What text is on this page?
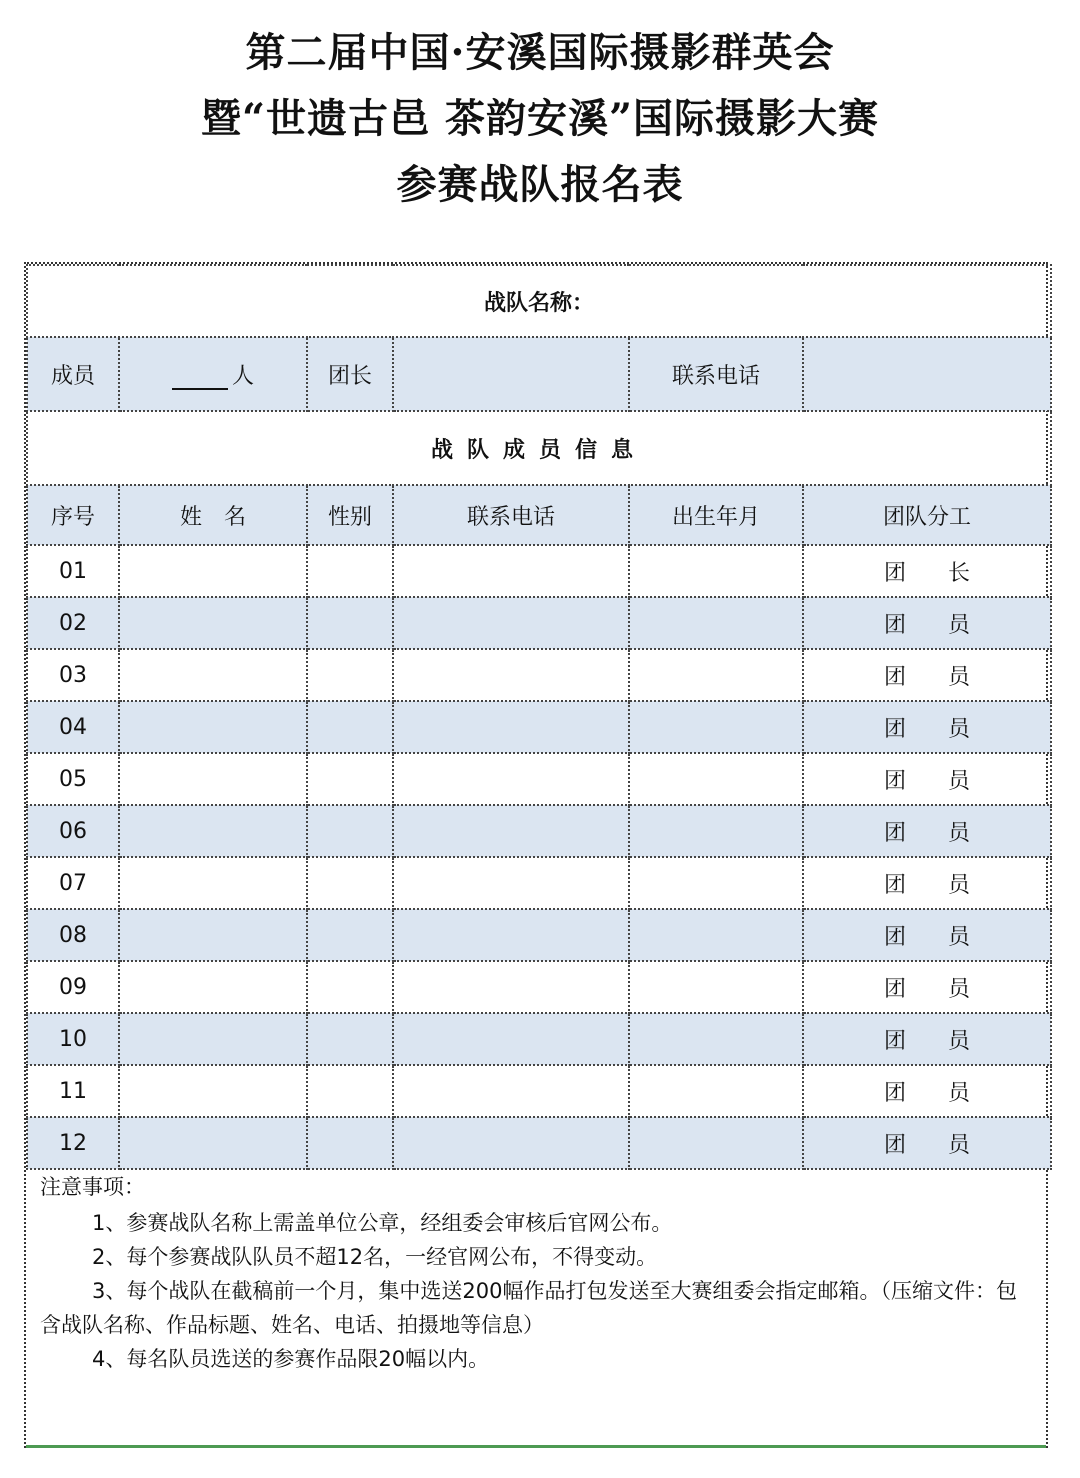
第二届中国·安溪国际摄影群英会
暨“世遗古邑 茶韵安溪”国际摄影大赛
参赛战队报名表
战队名称：					
成员	人	团长		联系电话	
战队成员信息					
序号	姓　名	性别	联系电话	出生年月	团队分工
01					团 长
02					团 员
03					团 员
04					团 员
05					团 员
06					团 员
07					团 员
08					团 员
09					团 员
10					团 员
11					团 员
12					团 员
注意事项：
1、参赛战队名称上需盖单位公章，经组委会审核后官网公布。
2、每个参赛战队队员不超12名，一经官网公布，不得变动。
3、每个战队在截稿前一个月，集中选送200幅作品打包发送至大赛组委会指定邮箱。（压缩文件：包含战队名称、作品标题、姓名、电话、拍摄地等信息）
4、每名队员选送的参赛作品限20幅以内。
